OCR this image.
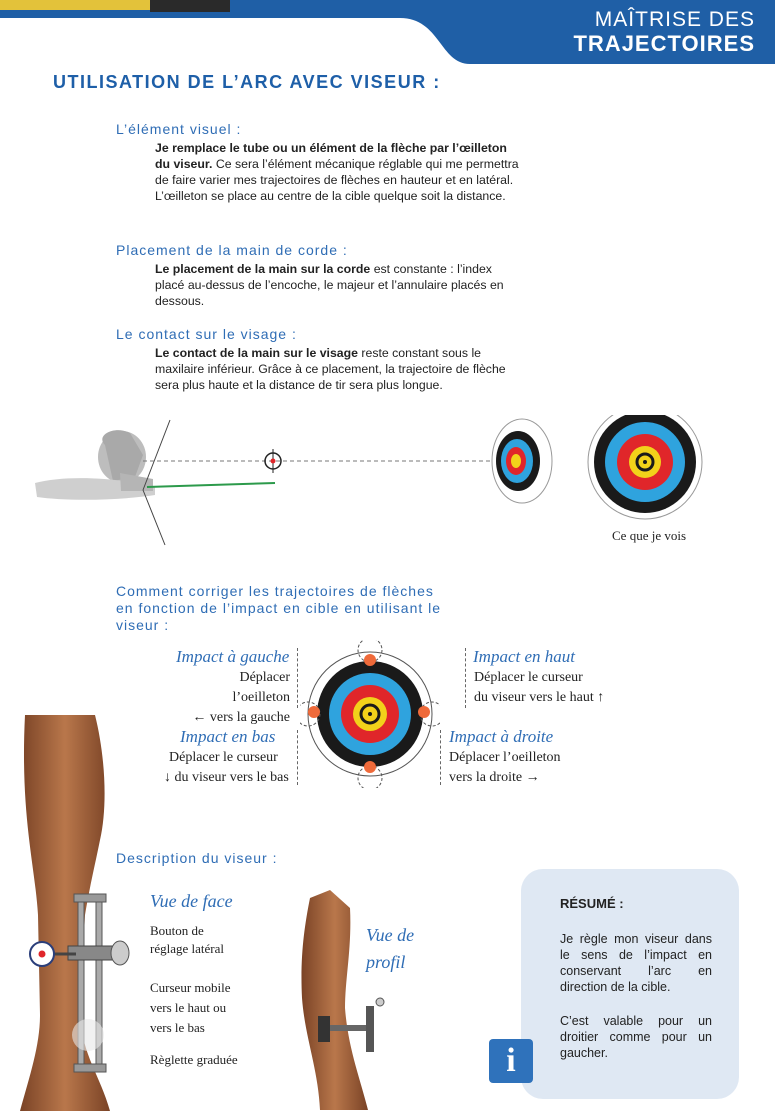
MAÎTRISE DES
TRAJECTOIRES
UTILISATION DE L’ARC AVEC VISEUR :
L’élément visuel :
Je remplace le tube ou un élément de la flèche par l’œilleton du viseur. Ce sera l’élément mécanique réglable qui me permettra de faire varier mes trajectoires de flèches en hauteur et en latéral.
L’œilleton se place au centre de la cible quelque soit la distance.
Placement de la main de corde :
Le placement de la main sur la corde est constante : l’index placé au-dessus de l’encoche, le majeur et l’annulaire placés en dessous.
Le contact sur le visage :
Le contact de la main sur le visage reste constant sous le maxilaire inférieur. Grâce à ce placement, la trajectoire de flèche sera plus haute et la distance de tir sera plus longue.
Ce que je vois
Comment corriger les trajectoires de flèches
en fonction de l’impact en cible en utilisant le
viseur :
Impact à gauche
Déplacer l’oeilleton
← vers la gauche
Impact en haut
Déplacer le curseur
du viseur vers le haut ↑
Impact en bas
Déplacer le curseur
↓ du viseur vers le bas
Impact à droite
Déplacer l’oeilleton
vers la droite →
Description du viseur :
Vue de face
Bouton de
réglage latéral
Curseur mobile
vers le haut ou
vers le bas
Règlette graduée
Vue de
profil
RÉSUMÉ :
Je règle mon viseur dans le sens de l’impact en conservant l’arc en direction de la cible.
C’est valable pour un droitier comme pour un gaucher.
i
